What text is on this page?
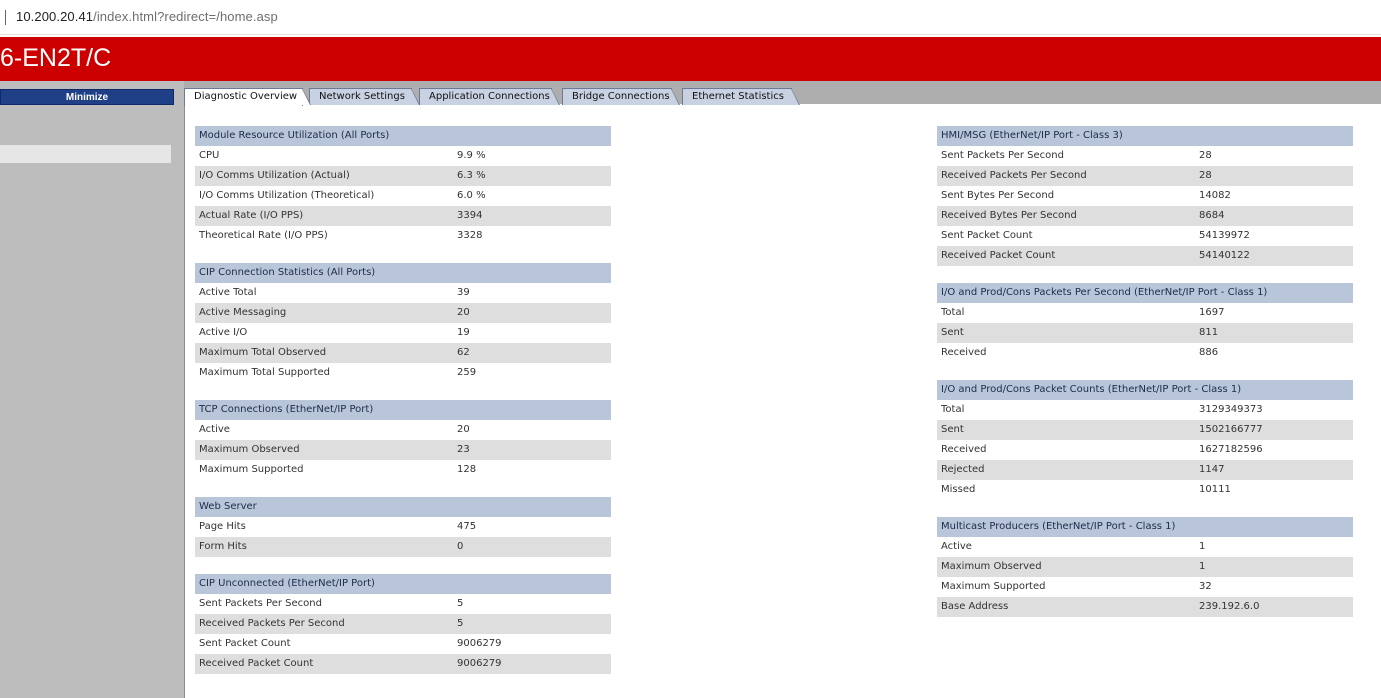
10.200.20.41/index.html?redirect=/home.asp
6-EN2T/C
Minimize	Ethernet Statistics
Bridge Connections
Application Connections
Network Settings
Diagnostic Overview
Module Resource Utilization (All Ports)
CPU	9.9 %
I/O Comms Utilization (Actual)	6.3 %
I/O Comms Utilization (Theoretical)	6.0 %
Actual Rate (I/O PPS)	3394
Theoretical Rate (I/O PPS)	3328
CIP Connection Statistics (All Ports)
Active Total	39
Active Messaging	20
Active I/O	19
Maximum Total Observed	62
Maximum Total Supported	259
TCP Connections (EtherNet/IP Port)
Active	20
Maximum Observed	23
Maximum Supported	128
Web Server
Page Hits	475
Form Hits	0
CIP Unconnected (EtherNet/IP Port)
Sent Packets Per Second	5
Received Packets Per Second	5
Sent Packet Count	9006279
Received Packet Count	9006279
HMI/MSG (EtherNet/IP Port - Class 3)
Sent Packets Per Second	28
Received Packets Per Second	28
Sent Bytes Per Second	14082
Received Bytes Per Second	8684
Sent Packet Count	54139972
Received Packet Count	54140122
I/O and Prod/Cons Packets Per Second (EtherNet/IP Port - Class 1)
Total	1697
Sent	811
Received	886
I/O and Prod/Cons Packet Counts (EtherNet/IP Port - Class 1)
Total	3129349373
Sent	1502166777
Received	1627182596
Rejected	1147
Missed	10111
Multicast Producers (EtherNet/IP Port - Class 1)
Active	1
Maximum Observed	1
Maximum Supported	32
Base Address	239.192.6.0
